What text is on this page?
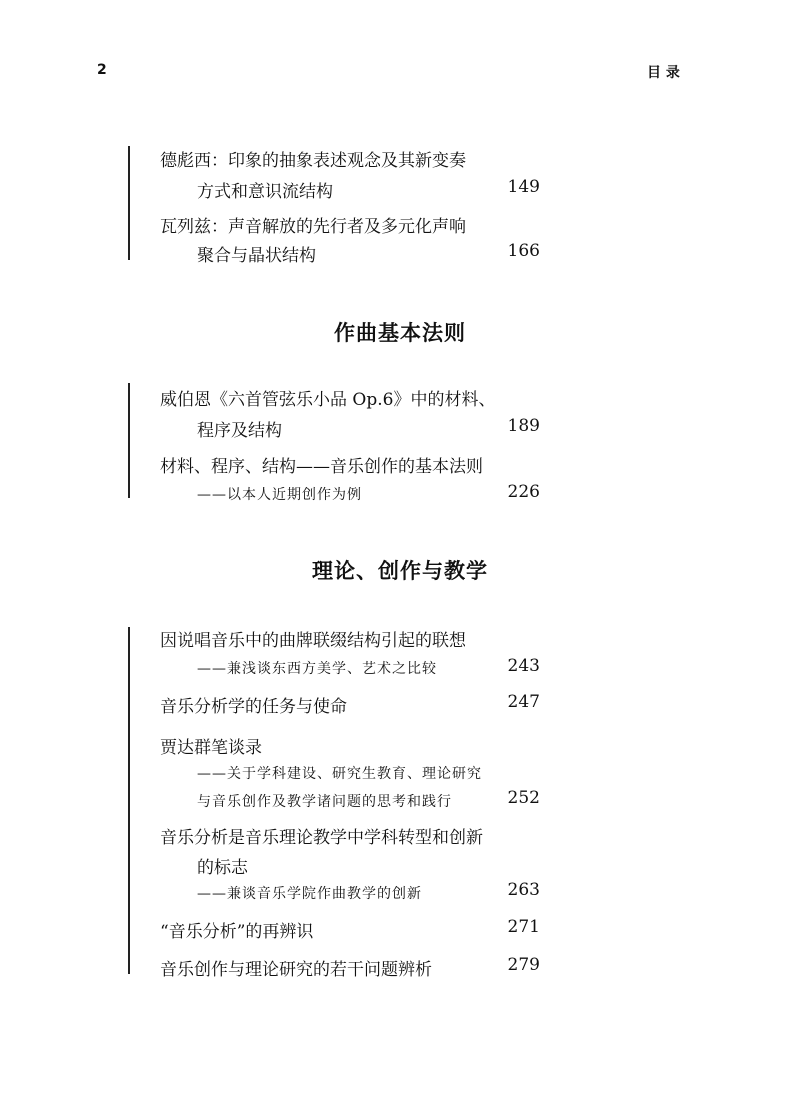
2	目 录
德彪西：印象的抽象表述观念及其新变奏
方式和意识流结构	149
瓦列兹：声音解放的先行者及多元化声响
聚合与晶状结构	166
作曲基本法则
威伯恩《六首管弦乐小品 Op.6》中的材料、
程序及结构	189
材料、程序、结构——音乐创作的基本法则
——以本人近期创作为例	226
理论、创作与教学
因说唱音乐中的曲牌联缀结构引起的联想
——兼浅谈东西方美学、艺术之比较	243
音乐分析学的任务与使命	247
贾达群笔谈录
——关于学科建设、研究生教育、理论研究
与音乐创作及教学诸问题的思考和践行	252
音乐分析是音乐理论教学中学科转型和创新
的标志
——兼谈音乐学院作曲教学的创新	263
“音乐分析”的再辨识	271
音乐创作与理论研究的若干问题辨析	279
